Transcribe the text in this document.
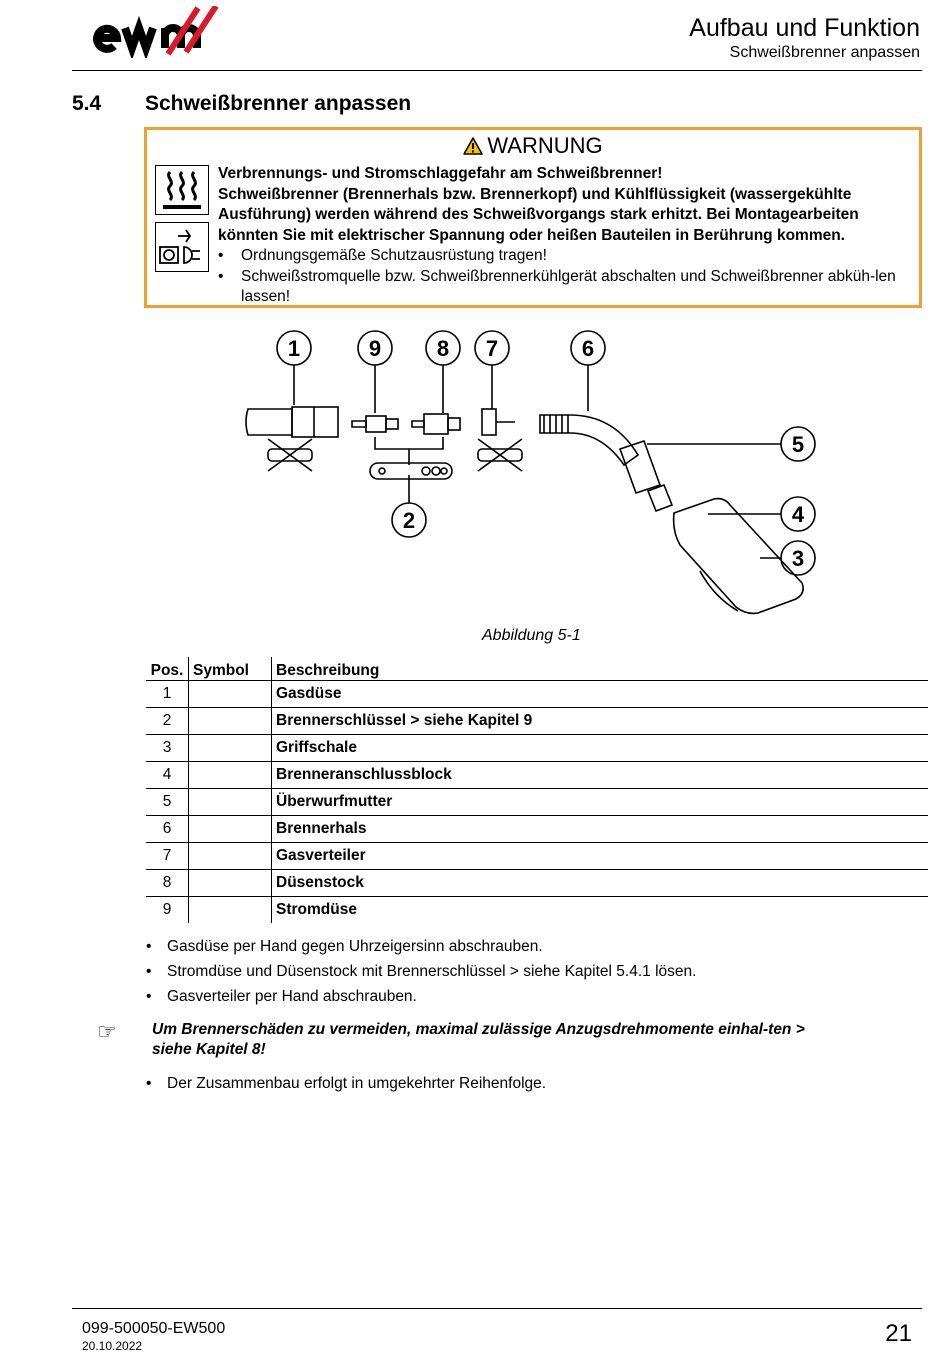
Aufbau und Funktion
Schweißbrenner anpassen
5.4 Schweißbrenner anpassen
WARNUNG
Verbrennungs- und Stromschlaggefahr am Schweißbrenner!
Schweißbrenner (Brennerhals bzw. Brennerkopf) und Kühlflüssigkeit (wassergekühlte Ausführung) werden während des Schweißvorgangs stark erhitzt. Bei Montagearbeiten könnten Sie mit elektrischer Spannung oder heißen Bauteilen in Berührung kommen.
• Ordnungsgemäße Schutzausrüstung tragen!
• Schweißstromquelle bzw. Schweißbrennerkühlgerät abschalten und Schweißbrenner abküh-len lassen!
1	9	8 7	6
5
2	4
3
Abbildung 5-1
Pos.	Symbol	Beschreibung
1		Gasdüse
2		Brennerschlüssel > siehe Kapitel 9
3		Griffschale
4		Brenneranschlussblock
5		Überwurfmutter
6		Brennerhals
7		Gasverteiler
8		Düsenstock
9		Stromdüse
• Gasdüse per Hand gegen Uhrzeigersinn abschrauben.
• Stromdüse und Düsenstock mit Brennerschlüssel > siehe Kapitel 5.4.1 lösen.
• Gasverteiler per Hand abschrauben.
☞ Um Brennerschäden zu vermeiden, maximal zulässige Anzugsdrehmomente einhal-ten > siehe Kapitel 8!
• Der Zusammenbau erfolgt in umgekehrter Reihenfolge.
099-500050-EW500
20.10.2022	21
